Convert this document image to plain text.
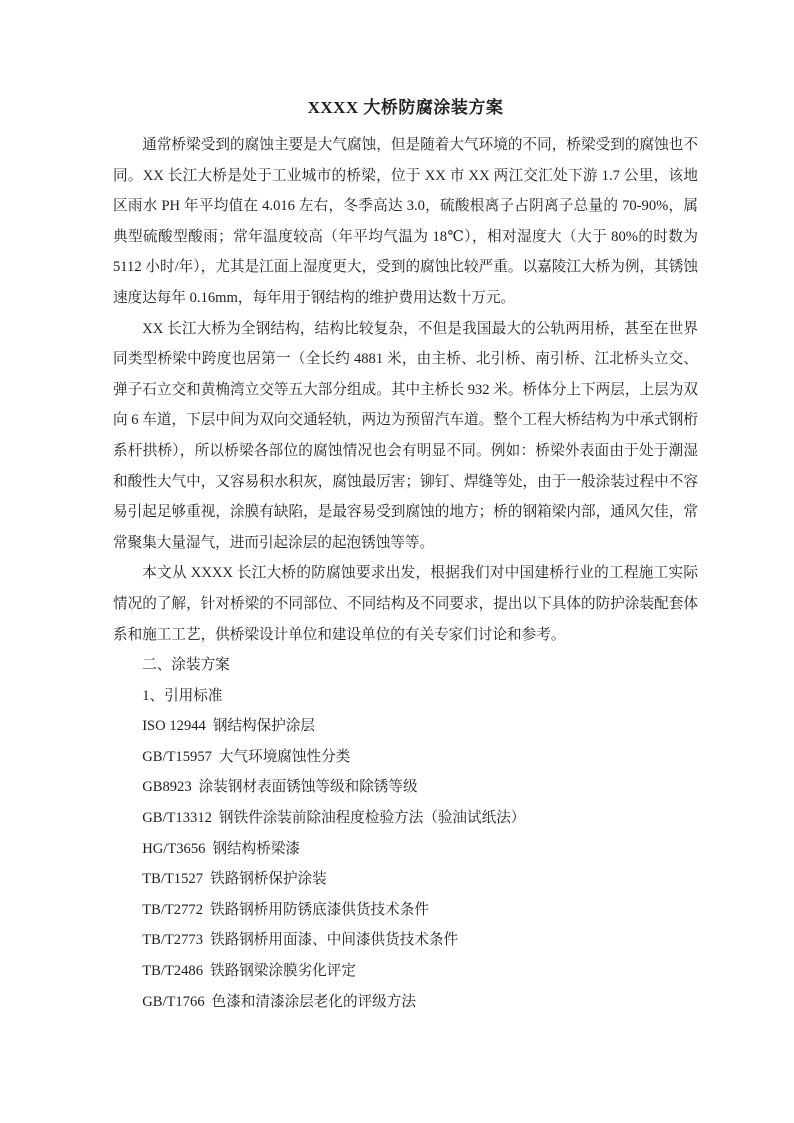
XXXX 大桥防腐涂装方案

通常桥梁受到的腐蚀主要是大气腐蚀，但是随着大气环境的不同，桥梁受到的腐蚀也不同。XX 长江大桥是处于工业城市的桥梁，位于 XX 市 XX 两江交汇处下游 1.7 公里，该地区雨水 PH 年平均值在 4.016 左右，冬季高达 3.0，硫酸根离子占阴离子总量的 70-90%，属典型硫酸型酸雨；常年温度较高（年平均气温为 18℃），相对湿度大（大于 80%的时数为 5112 小时/年），尤其是江面上湿度更大，受到的腐蚀比较严重。以嘉陵江大桥为例，其锈蚀速度达每年 0.16mm，每年用于钢结构的维护费用达数十万元。

XX 长江大桥为全钢结构，结构比较复杂，不但是我国最大的公轨两用桥，甚至在世界同类型桥梁中跨度也居第一（全长约 4881 米，由主桥、北引桥、南引桥、江北桥头立交、弹子石立交和黄桷湾立交等五大部分组成。其中主桥长 932 米。桥体分上下两层，上层为双向 6 车道，下层中间为双向交通轻轨，两边为预留汽车道。整个工程大桥结构为中承式钢桁系杆拱桥），所以桥梁各部位的腐蚀情况也会有明显不同。例如：桥梁外表面由于处于潮湿和酸性大气中，又容易积水积灰，腐蚀最厉害；铆钉、焊缝等处，由于一般涂装过程中不容易引起足够重视，涂膜有缺陷，是最容易受到腐蚀的地方；桥的钢箱梁内部，通风欠佳，常常聚集大量湿气，进而引起涂层的起泡锈蚀等等。

本文从 XXXX 长江大桥的防腐蚀要求出发，根据我们对中国建桥行业的工程施工实际情况的了解，针对桥梁的不同部位、不同结构及不同要求，提出以下具体的防护涂装配套体系和施工工艺，供桥梁设计单位和建设单位的有关专家们讨论和参考。

二、涂装方案

1、引用标准

ISO 12944 钢结构保护涂层

GB/T15957 大气环境腐蚀性分类

GB8923 涂装钢材表面锈蚀等级和除锈等级

GB/T13312 钢铁件涂装前除油程度检验方法（验油试纸法）

HG/T3656 钢结构桥梁漆

TB/T1527 铁路钢桥保护涂装

TB/T2772 铁路钢桥用防锈底漆供货技术条件

TB/T2773 铁路钢桥用面漆、中间漆供货技术条件

TB/T2486 铁路钢梁涂膜劣化评定

GB/T1766 色漆和清漆涂层老化的评级方法
